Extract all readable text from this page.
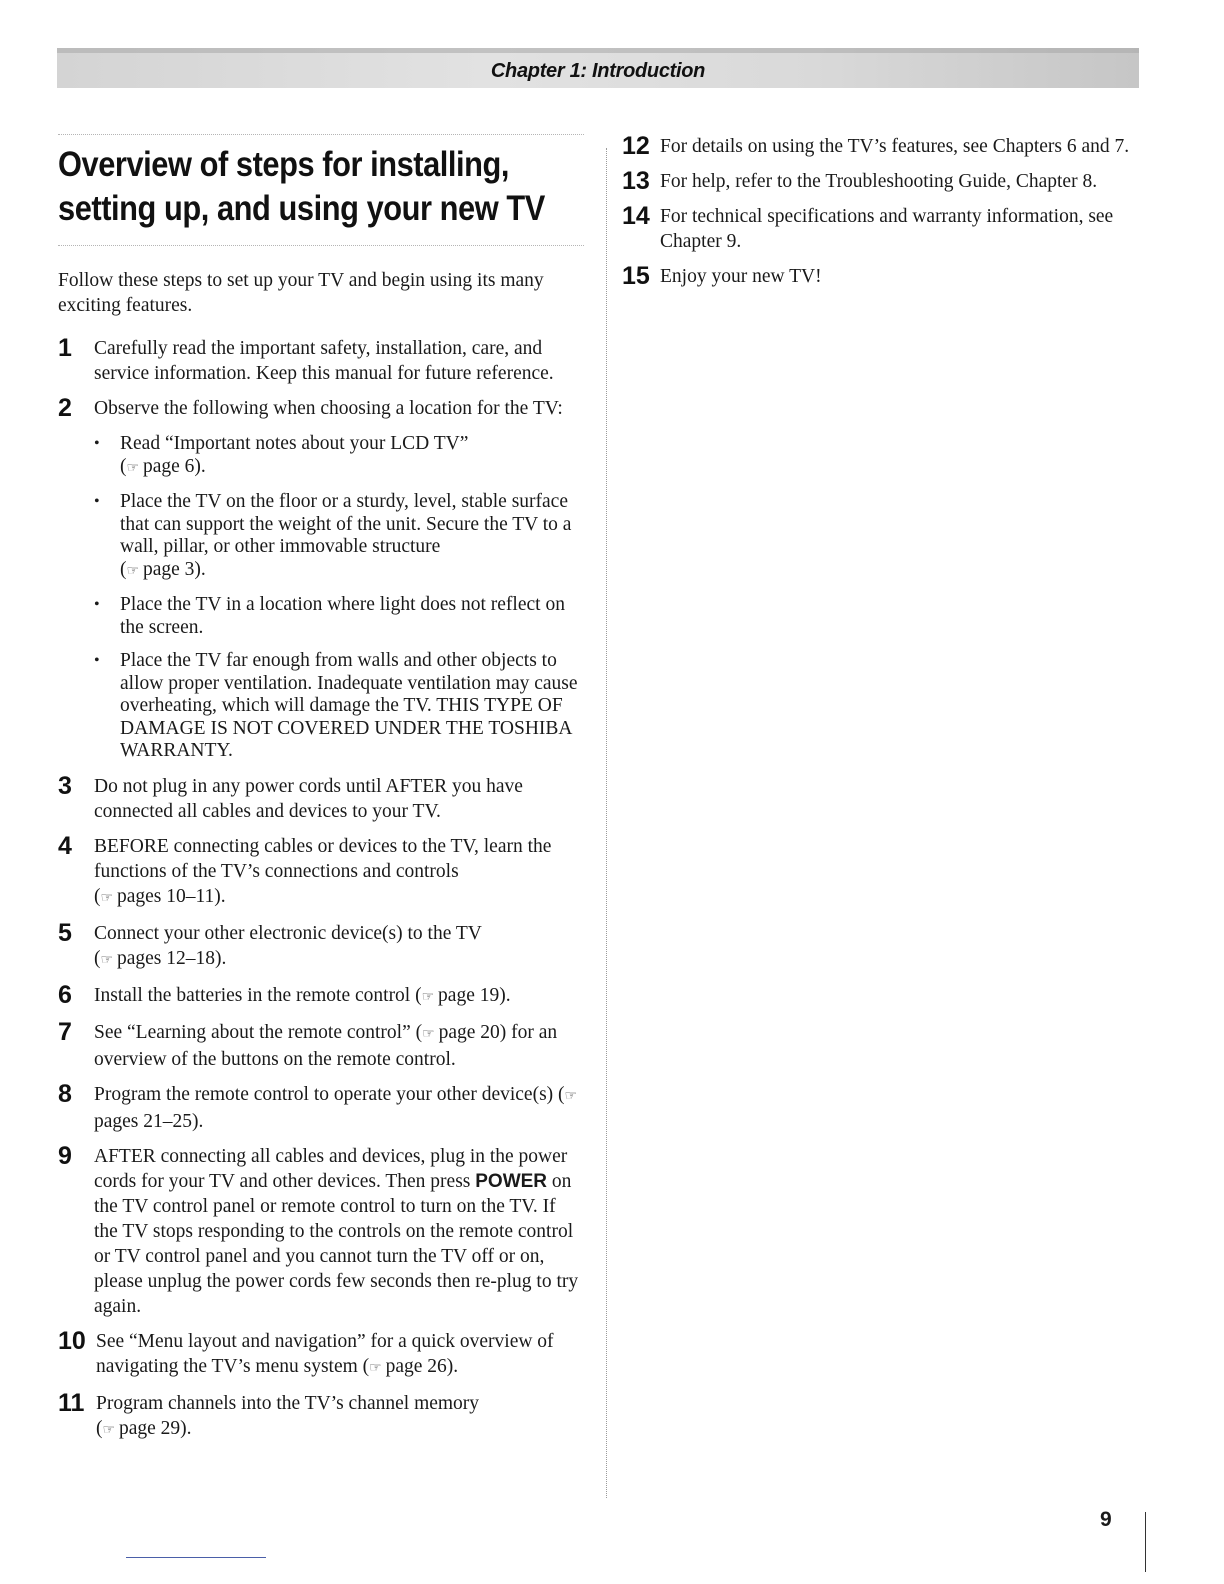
Chapter 1: Introduction
Overview of steps for installing, setting up, and using your new TV

Follow these steps to set up your TV and begin using its many exciting features.

1	Carefully read the important safety, installation, care, and service information. Keep this manual for future reference.
2	Observe the following when choosing a location for the TV:
• Read “Important notes about your LCD TV”
(☞ page 6).
• Place the TV on the floor or a sturdy, level, stable surface that can support the weight of the unit. Secure the TV to a wall, pillar, or other immovable structure
(☞ page 3).
• Place the TV in a location where light does not reflect on the screen.
• Place the TV far enough from walls and other objects to allow proper ventilation. Inadequate ventilation may cause overheating, which will damage the TV. THIS TYPE OF DAMAGE IS NOT COVERED UNDER THE TOSHIBA WARRANTY.
3	Do not plug in any power cords until AFTER you have connected all cables and devices to your TV.
4	BEFORE connecting cables or devices to the TV, learn the functions of the TV’s connections and controls
(☞ pages 10–11).
5	Connect your other electronic device(s) to the TV
(☞ pages 12–18).
6	Install the batteries in the remote control (☞ page 19).
7	See “Learning about the remote control” (☞ page 20) for an overview of the buttons on the remote control.
8	Program the remote control to operate your other device(s) (☞ pages 21–25).
9	AFTER connecting all cables and devices, plug in the power cords for your TV and other devices. Then press POWER on the TV control panel or remote control to turn on the TV. If the TV stops responding to the controls on the remote control or TV control panel and you cannot turn the TV off or on, please unplug the power cords few seconds then re-plug to try again.
10 See “Menu layout and navigation” for a quick overview of navigating the TV’s menu system (☞ page 26).
11 Program channels into the TV’s channel memory
(☞ page 29).
12 For details on using the TV’s features, see Chapters 6 and 7.
13 For help, refer to the Troubleshooting Guide, Chapter 8.
14 For technical specifications and warranty information, see Chapter 9.
15 Enjoy your new TV!
9
